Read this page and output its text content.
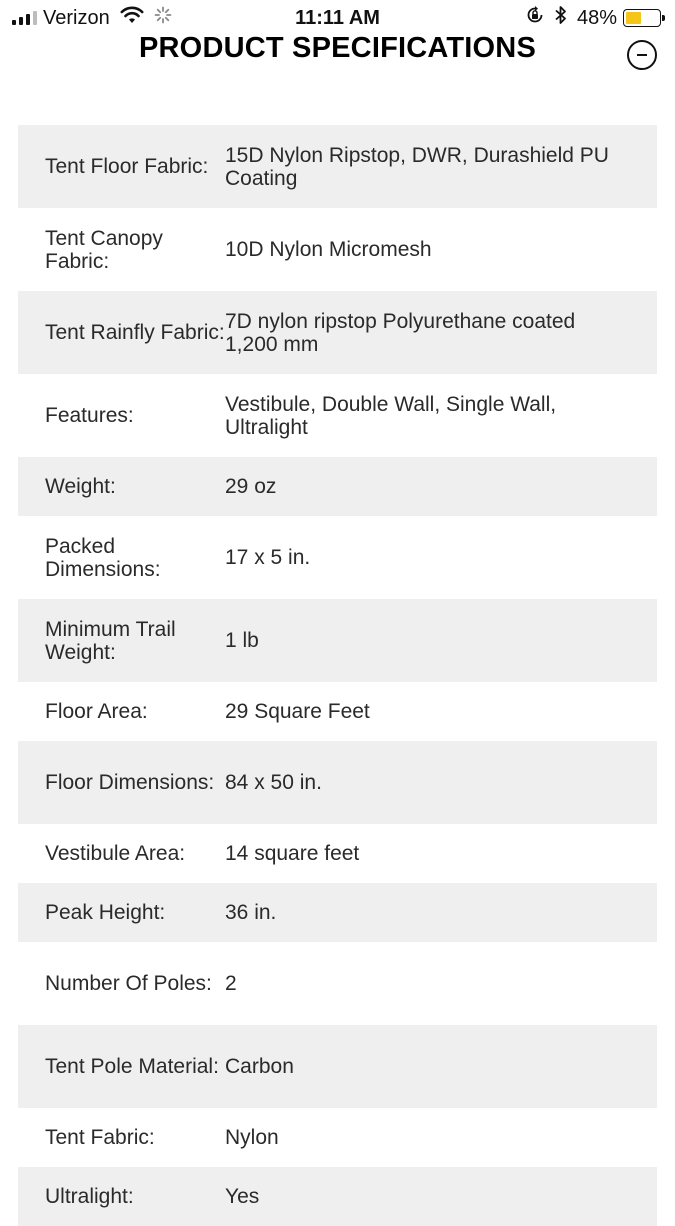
Verizon	11:11 AM	48%
PRODUCT SPECIFICATIONS
Tent Floor Fabric: 15D Nylon Ripstop, DWR, Durashield PU Coating
Tent Canopy Fabric:	10D Nylon Micromesh
Tent Rainfly Fabric: 7D nylon ripstop Polyurethane coated 1,200 mm
Features:	Vestibule, Double Wall, Single Wall, Ultralight
Weight:	29 oz
Packed Dimensions:	17 x 5 in.
Minimum Trail Weight:	1 lb
Floor Area:	29 Square Feet
Floor Dimensions: 84 x 50 in.
Vestibule Area:	14 square feet
Peak Height:	36 in.
Number Of Poles: 2
Tent Pole Material: Carbon
Tent Fabric:	Nylon
Ultralight:	Yes
